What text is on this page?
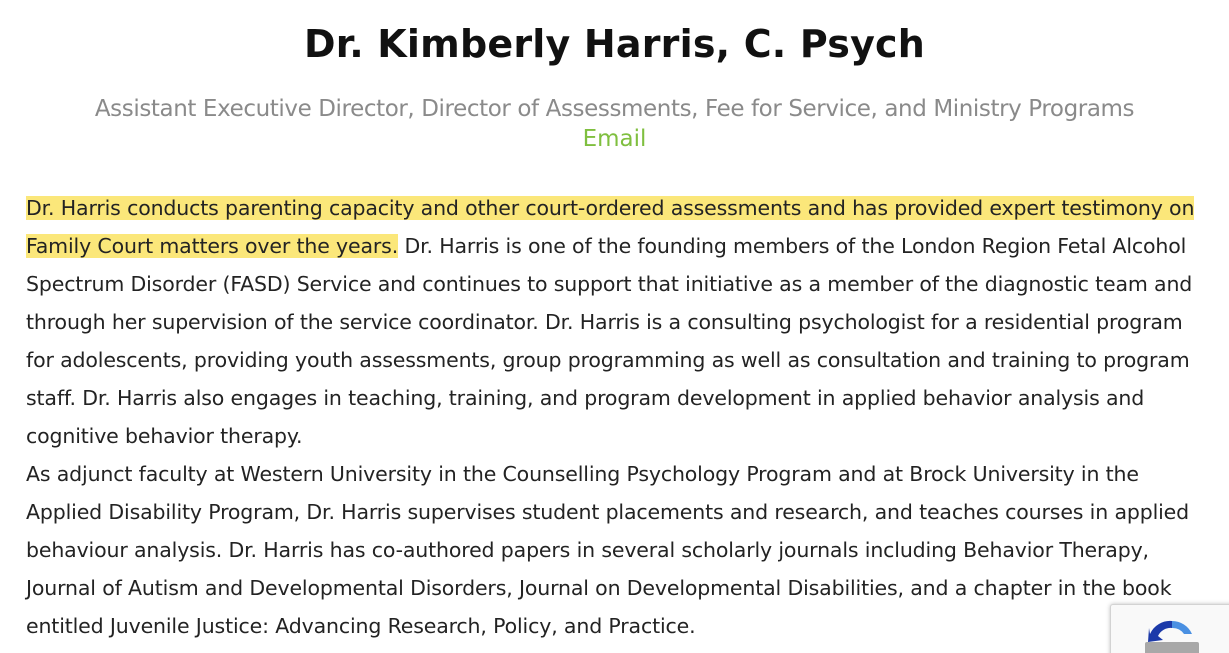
Dr. Kimberly Harris, C. Psych
Assistant Executive Director, Director of Assessments, Fee for Service, and Ministry Programs
Email

Dr. Harris conducts parenting capacity and other court-ordered assessments and has provided expert testimony on Family Court matters over the years. Dr. Harris is one of the founding members of the London Region Fetal Alcohol Spectrum Disorder (FASD) Service and continues to support that initiative as a member of the diagnostic team and through her supervision of the service coordinator. Dr. Harris is a consulting psychologist for a residential program for adolescents, providing youth assessments, group programming as well as consultation and training to program staff. Dr. Harris also engages in teaching, training, and program development in applied behavior analysis and cognitive behavior therapy.

As adjunct faculty at Western University in the Counselling Psychology Program and at Brock University in the Applied Disability Program, Dr. Harris supervises student placements and research, and teaches courses in applied behaviour analysis. Dr. Harris has co-authored papers in several scholarly journals including Behavior Therapy, Journal of Autism and Developmental Disorders, Journal on Developmental Disabilities, and a chapter in the book entitled Juvenile Justice: Advancing Research, Policy, and Practice.
